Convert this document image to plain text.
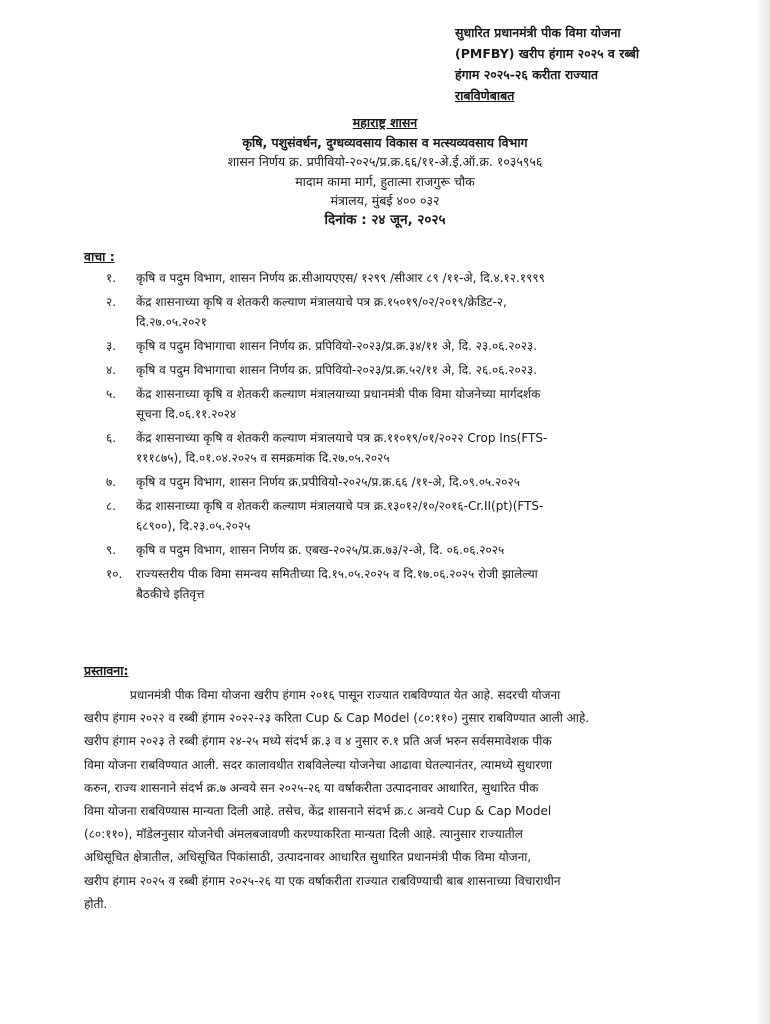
सुधारित प्रधानमंत्री पीक विमा योजना
(PMFBY) खरीप हंगाम २०२५ व रब्बी
हंगाम २०२५-२६ करीता राज्यात
राबविणेबाबत
महाराष्ट्र शासन
कृषि, पशुसंवर्धन, दुग्धव्यवसाय विकास व मत्स्यव्यवसाय विभाग
शासन निर्णय क्र. प्रपीवियो-२०२५/प्र.क्र.६६/११-अे.ई.ऑ.क्र. १०३५९५६
मादाम कामा मार्ग, हुतात्मा राजगुरू चौक
मंत्रालय, मुंबई ४०० ०३२
दिनांक : २४ जून, २०२५
वाचा :
१. कृषि व पदुम विभाग, शासन निर्णय क्र.सीआयएएस/ १२९९ /सीआर ८९ /११-अे, दि.४.१२.१९९९
२. केंद्र शासनाच्या कृषि व शेतकरी कल्याण मंत्रालयाचे पत्र क्र.१५०१९/०२/२०१९/क्रेडिट-२,
दि.२७.०५.२०२१
३. कृषि व पदुम विभागाचा शासन निर्णय क्र. प्रपिवियो-२०२३/प्र.क्र.३४/११ अे, दि. २३.०६.२०२३.
४. कृषि व पदुम विभागाचा शासन निर्णय क्र. प्रपिवियो-२०२३/प्र.क्र.५२/११ अे, दि. २६.०६.२०२३.
५. केंद्र शासनाच्या कृषि व शेतकरी कल्याण मंत्रालयाच्या प्रधानमंत्री पीक विमा योजनेच्या मार्गदर्शक
सूचना दि.०६.११.२०२४
६. केंद्र शासनाच्या कृषि व शेतकरी कल्याण मंत्रालयाचे पत्र क्र.११०१९/०१/२०२२ Crop Ins(FTS-
१११८७५), दि.०१.०४.२०२५ व समक्रमांक दि.२७.०५.२०२५
७. कृषि व पदुम विभाग, शासन निर्णय क्र.प्रपीवियो-२०२५/प्र.क्र.६६ /११-अे, दि.०९.०५.२०२५
८. केंद्र शासनाच्या कृषि व शेतकरी कल्याण मंत्रालयाचे पत्र क्र.१३०१२/१०/२०१६-Cr.II(pt)(FTS-
६८९००), दि.२३.०५.२०२५
९. कृषि व पदुम विभाग, शासन निर्णय क्र. एबख-२०२५/प्र.क्र.७३/२-अे, दि. ०६.०६.२०२५
१०. राज्यस्तरीय पीक विमा समन्वय समितीच्या दि.१५.०५.२०२५ व दि.१७.०६.२०२५ रोजी झालेल्या
बैठकीचे इतिवृत्त
प्रस्तावना:
प्रधानमंत्री पीक विमा योजना खरीप हंगाम २०१६ पासून राज्यात राबविण्यात येत आहे. सदरची योजना
खरीप हंगाम २०२२ व रब्बी हंगाम २०२२-२३ करिता Cup & Cap Model (८०:११०) नुसार राबविण्यात आली आहे.
खरीप हंगाम २०२३ ते रब्बी हंगाम २४-२५ मध्ये संदर्भ क्र.३ व ४ नुसार रु.१ प्रति अर्ज भरुन सर्वसमावेशक पीक
विमा योजना राबविण्यात आली. सदर कालावधीत राबविलेल्या योजनेचा आढावा घेतल्यानंतर, त्यामध्ये सुधारणा
करुन, राज्य शासनाने संदर्भ क्र.७ अन्वये सन २०२५-२६ या वर्षाकरीता उत्पादनावर आधारित, सुधारित पीक
विमा योजना राबविण्यास मान्यता दिली आहे. तसेच, केंद्र शासनाने संदर्भ क्र.८ अन्वये Cup & Cap Model
(८०:११०), मॉडेलनुसार योजनेची अंमलबजावणी करण्याकरिता मान्यता दिली आहे. त्यानुसार राज्यातील
अधिसूचित क्षेत्रातील, अधिसूचित पिकांसाठी, उत्पादनावर आधारित सुधारित प्रधानमंत्री पीक विमा योजना,
खरीप हंगाम २०२५ व रब्बी हंगाम २०२५-२६ या एक वर्षाकरीता राज्यात राबविण्याची बाब शासनाच्या विचाराधीन
होती.
